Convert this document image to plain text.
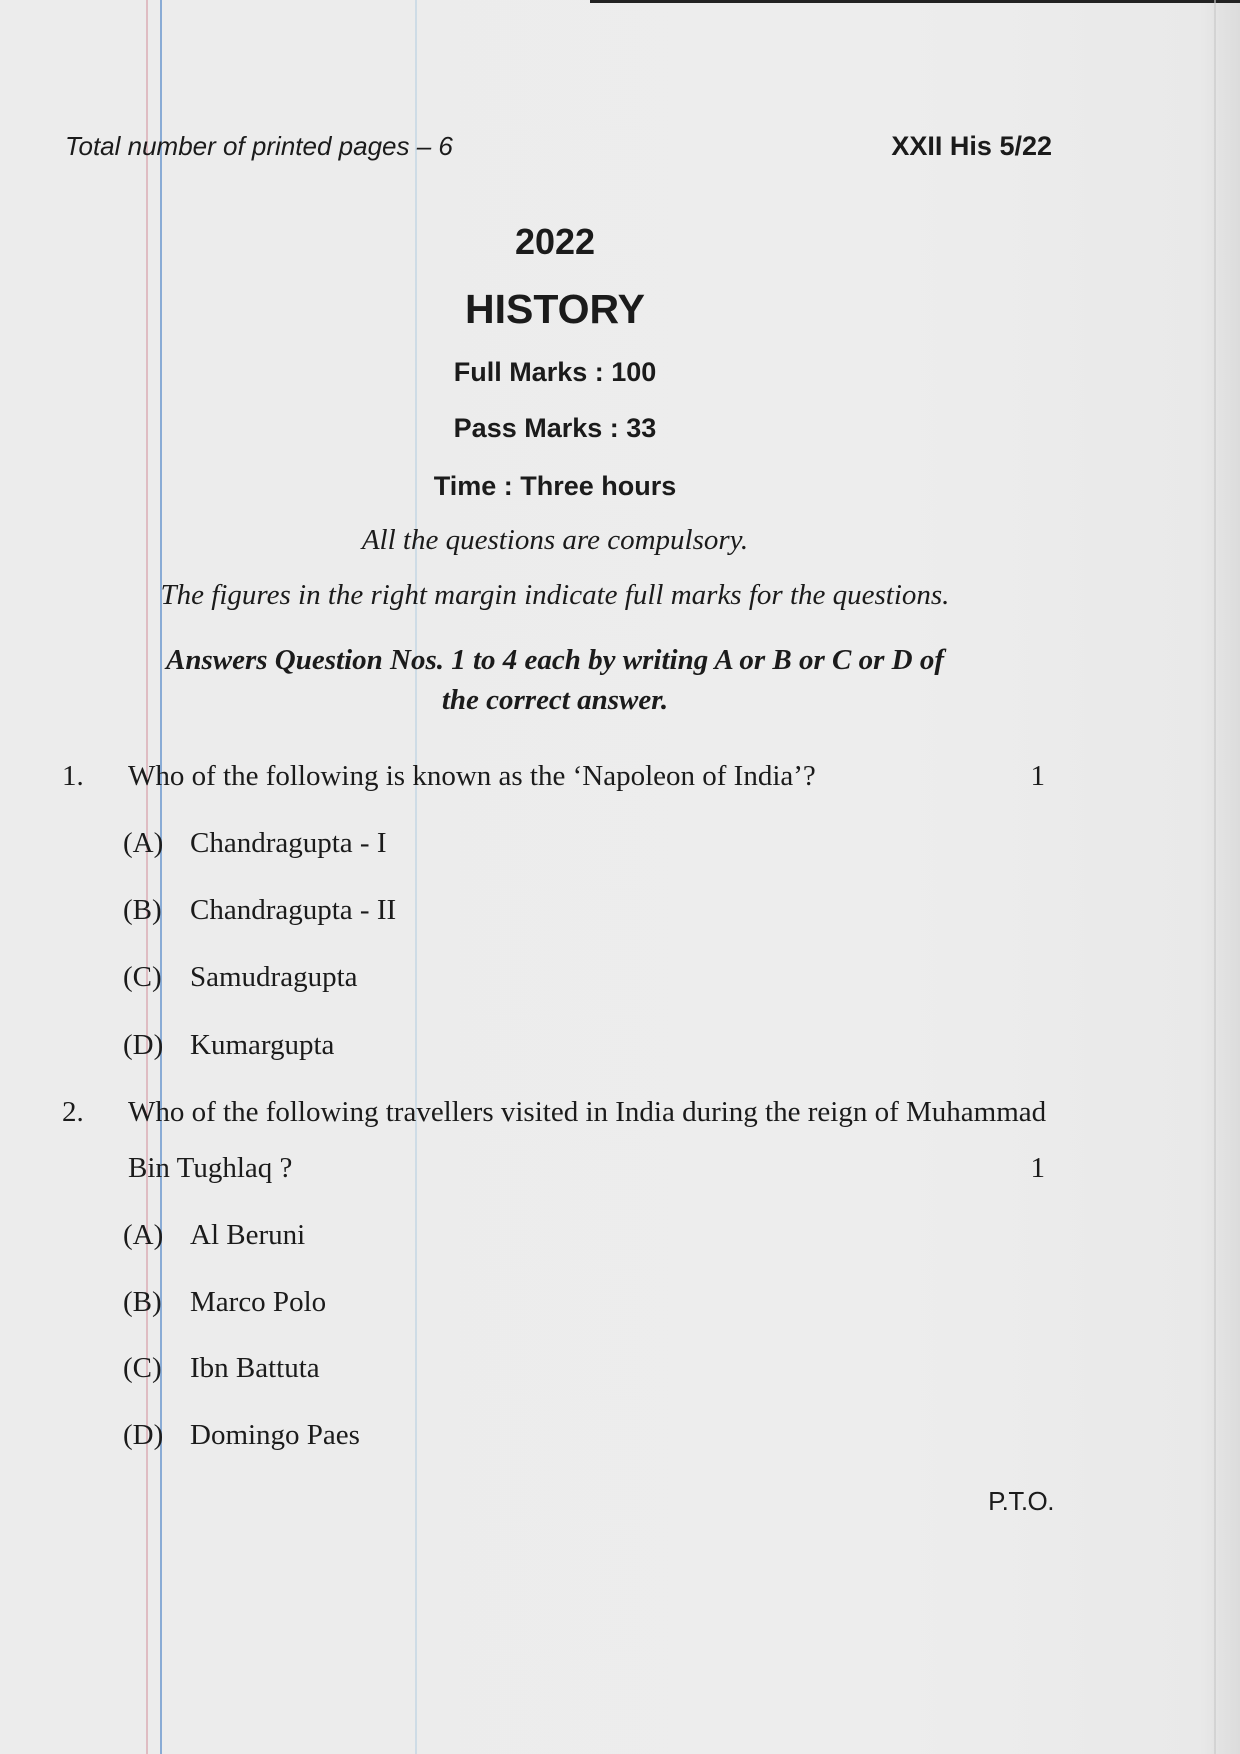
Total number of printed pages – 6	XXII His 5/22
2022
HISTORY
Full Marks : 100
Pass Marks : 33
Time : Three hours
All the questions are compulsory.
The figures in the right margin indicate full marks for the questions.
Answers Question Nos. 1 to 4 each by writing A or B or C or D of
the correct answer.
1. Who of the following is known as the ‘Napoleon of India’?	1
(A) Chandragupta - I
(B) Chandragupta - II
(C) Samudragupta
(D) Kumargupta
2. Who of the following travellers visited in India during the reign of Muhammad
Bin Tughlaq ?	1
(A) Al Beruni
(B) Marco Polo
(C) Ibn Battuta
(D) Domingo Paes
P.T.O.
